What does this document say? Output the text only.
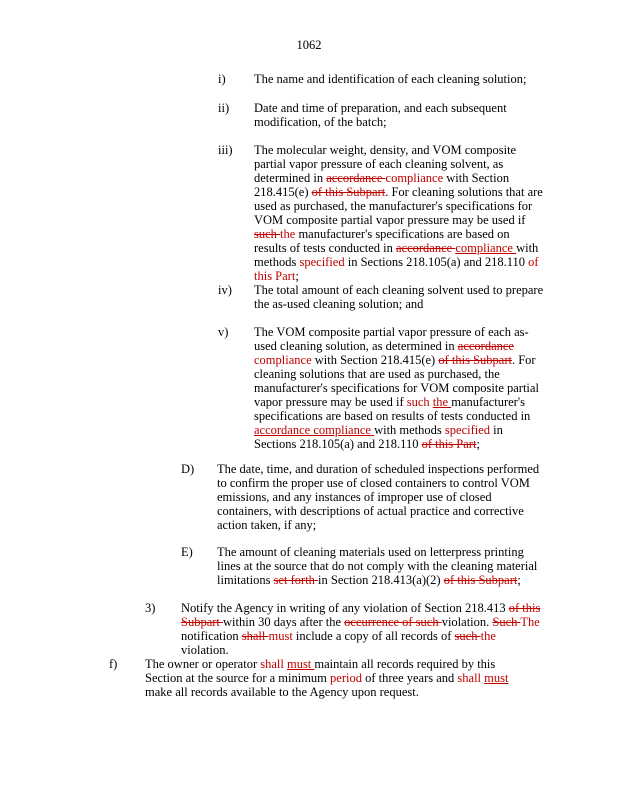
1062
i) The name and identification of each cleaning solution;
ii) Date and time of preparation, and each subsequent modification, of the batch;
iii) The molecular weight, density, and VOM composite partial vapor pressure of each cleaning solvent, as determined in accordance compliance with Section 218.415(e) of this Subpart. For cleaning solutions that are used as purchased, the manufacturer's specifications for VOM composite partial vapor pressure may be used if such the manufacturer's specifications are based on results of tests conducted in accordance compliance with methods specified in Sections 218.105(a) and 218.110 of this Part;
iv) The total amount of each cleaning solvent used to prepare the as-used cleaning solution; and
v) The VOM composite partial vapor pressure of each as-used cleaning solution, as determined in accordance compliance with Section 218.415(e) of this Subpart. For cleaning solutions that are used as purchased, the manufacturer's specifications for VOM composite partial vapor pressure may be used if such the manufacturer's specifications are based on results of tests conducted in accordance compliance with methods specified in Sections 218.105(a) and 218.110 of this Part;
D) The date, time, and duration of scheduled inspections performed to confirm the proper use of closed containers to control VOM emissions, and any instances of improper use of closed containers, with descriptions of actual practice and corrective action taken, if any;
E) The amount of cleaning materials used on letterpress printing lines at the source that do not comply with the cleaning material limitations set forth in Section 218.413(a)(2) of this Subpart;
3) Notify the Agency in writing of any violation of Section 218.413 of this Subpart within 30 days after the occurrence of such violation. Such The notification shall must include a copy of all records of such the violation.
f) The owner or operator shall must maintain all records required by this Section at the source for a minimum period of three years and shall must make all records available to the Agency upon request.
